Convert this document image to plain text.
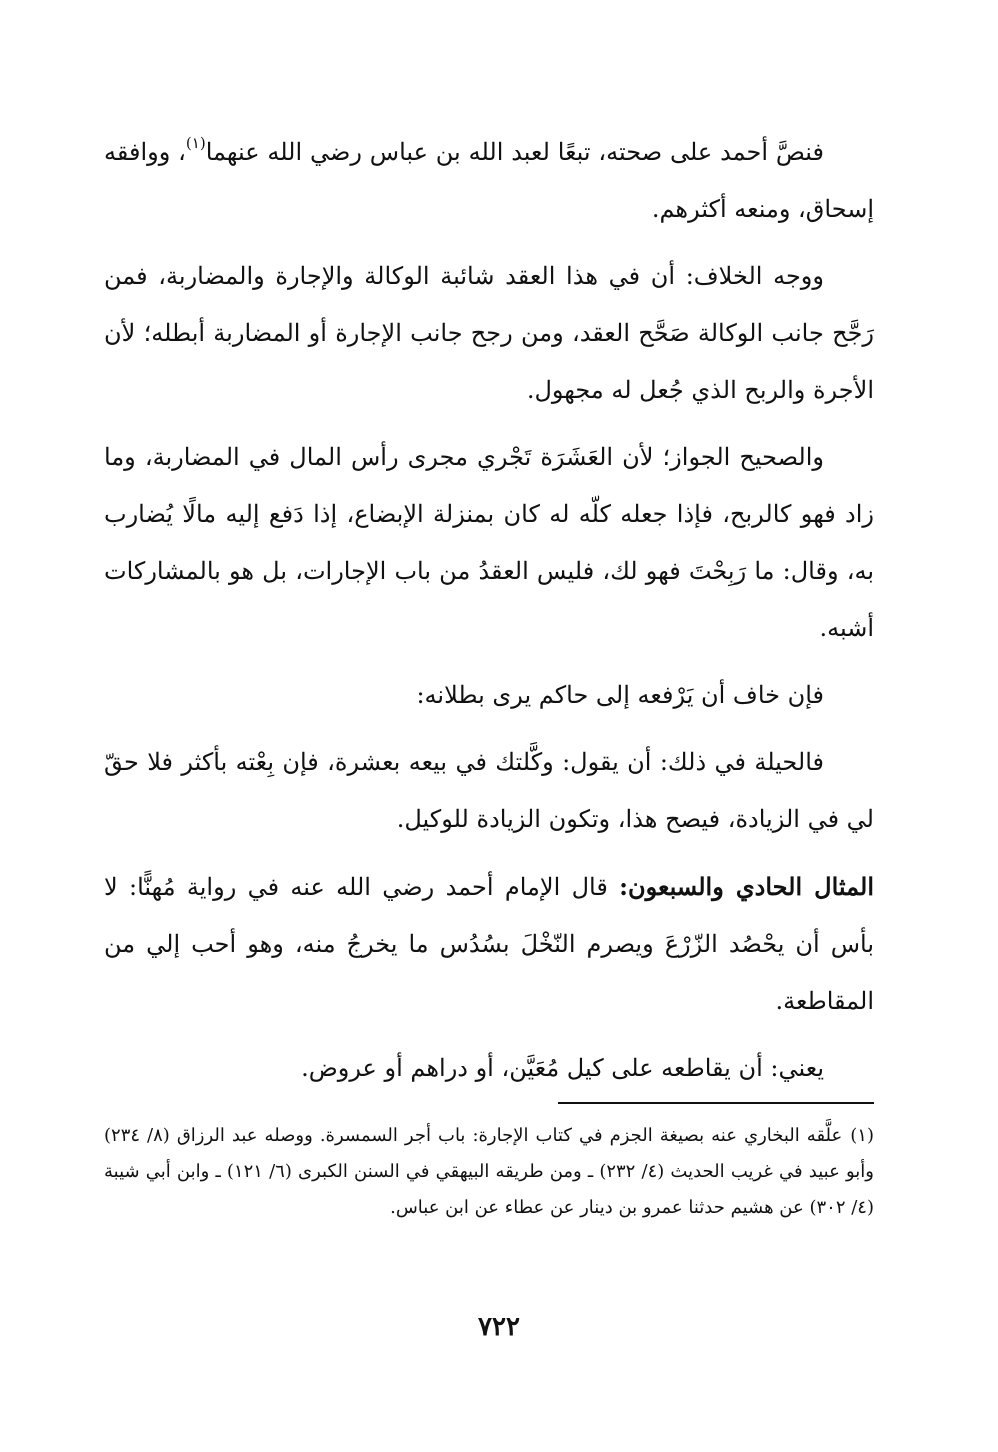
فنصَّ أحمد على صحته، تبعًا لعبد الله بن عباس رضي الله عنهما$^{(١)}$، ووافقه إسحاق، ومنعه أكثرهم.

ووجه الخلاف: أن في هذا العقد شائبة الوكالة والإجارة والمضاربة، فمن رَجَّح جانب الوكالة صَحَّح العقد، ومن رجح جانب الإجارة أو المضاربة أبطله؛ لأن الأجرة والربح الذي جُعل له مجهول.

والصحيح الجواز؛ لأن العَشَرَة تَجْري مجرى رأس المال في المضاربة، وما زاد فهو كالربح، فإذا جعله كلّه له كان بمنزلة الإبضاع، إذا دَفع إليه مالًا يُضارب به، وقال: ما رَبِحْتَ فهو لك، فليس العقدُ من باب الإجارات، بل هو بالمشاركات أشبه.

فإن خاف أن يَرْفعه إلى حاكم يرى بطلانه:

فالحيلة في ذلك: أن يقول: وكَّلتك في بيعه بعشرة، فإن بِعْته بأكثر فلا حقّ لي في الزيادة، فيصح هذا، وتكون الزيادة للوكيل.

المثال الحادي والسبعون: قال الإمام أحمد رضي الله عنه في رواية مُهنًّا: لا بأس أن يحْصُد الزّرْعَ ويصرم النّخْلَ بسُدُس ما يخرجُ منه، وهو أحب إلي من المقاطعة.

يعني: أن يقاطعه على كيل مُعَيَّن، أو دراهم أو عروض.

(١)علَّقه البخاري عنه بصيغة الجزم في كتاب الإجارة: باب أجر السمسرة. ووصله عبد الرزاق (٨/ ٢٣٤) وأبو عبيد في غريب الحديث (٤/ ٢٣٢) ـ ومن طريقه البيهقي في السنن الكبرى (٦/ ١٢١) ـ وابن أبي شيبة (٤/ ٣٠٢) عن هشيم حدثنا عمرو بن دينار عن عطاء عن ابن عباس.
٧٢٢
